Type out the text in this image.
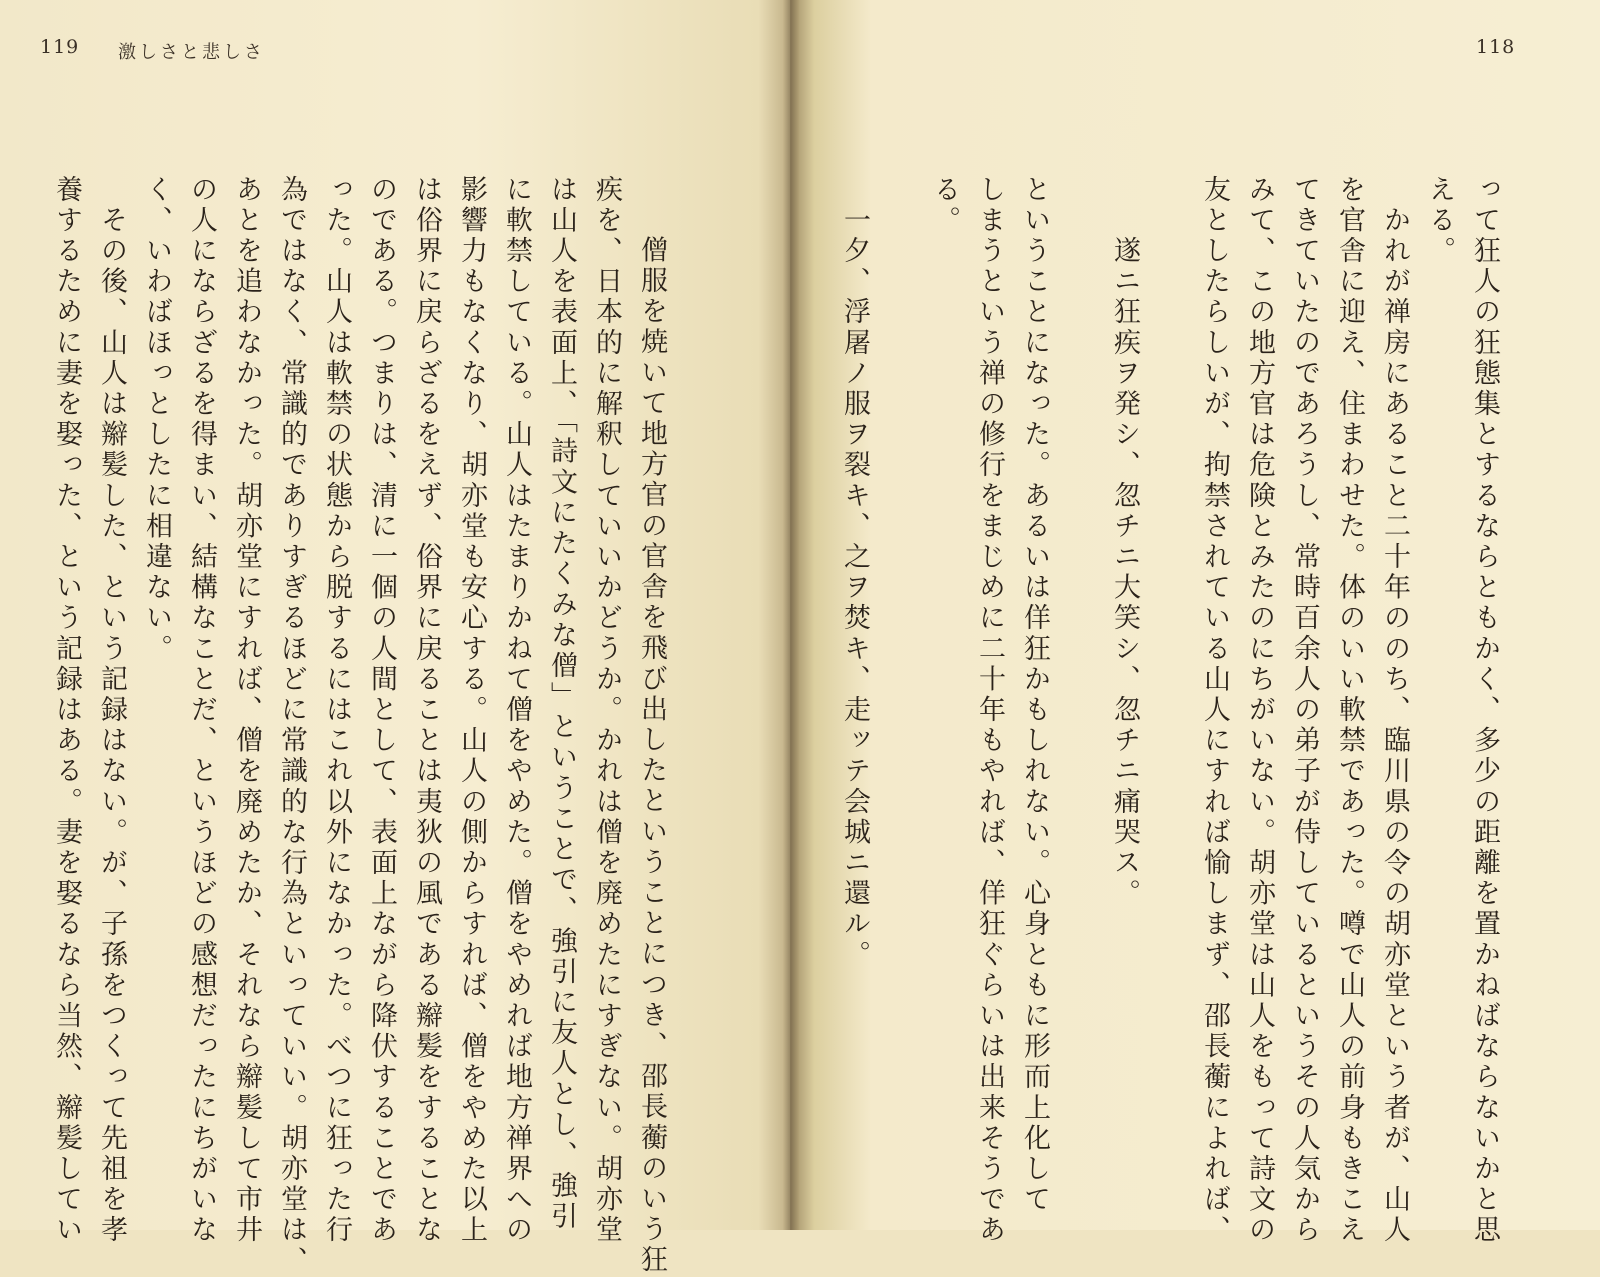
119 激しさと悲しさ
　僧服を焼いて地方官の官舎を飛び出したということにつき、邵長蘅のいう狂
疾を、日本的に解釈していいかどうか。かれは僧を廃めたにすぎない。胡亦堂
は山人を表面上、「詩文にたくみな僧」ということで、強引に友人とし、強引
に軟禁している。山人はたまりかねて僧をやめた。僧をやめれば地方禅界への
影響力もなくなり、胡亦堂も安心する。山人の側からすれば、僧をやめた以上
は俗界に戻らざるをえず、俗界に戻ることは夷狄の風である辮髪をすることな
のである。つまりは、清に一個の人間として、表面上ながら降伏することであ
った。山人は軟禁の状態から脱するにはこれ以外になかった。べつに狂った行
為ではなく、常識的でありすぎるほどに常識的な行為といっていい。胡亦堂は、
あとを追わなかった。胡亦堂にすれば、僧を廃めたか、それなら辮髪して市井
の人にならざるを得まい、結構なことだ、というほどの感想だったにちがいな
く、いわばほっとしたに相違ない。
　その後、山人は辮髪した、という記録はない。が、子孫をつくって先祖を孝
養するために妻を娶った、という記録はある。妻を娶るなら当然、辮髪してい
118
って狂人の狂態集とするならともかく、多少の距離を置かねばならないかと思
える。
　かれが禅房にあること二十年ののち、臨川県の令の胡亦堂という者が、山人
を官舎に迎え、住まわせた。体のいい軟禁であった。噂で山人の前身もきこえ
てきていたのであろうし、常時百余人の弟子が侍しているというその人気から
みて、この地方官は危険とみたのにちがいない。胡亦堂は山人をもって詩文の
友としたらしいが、拘禁されている山人にすれば愉しまず、邵長蘅によれば、
　　遂ニ狂疾ヲ発シ、忽チニ大笑シ、忽チニ痛哭ス。
ということになった。あるいは佯狂かもしれない。心身ともに形而上化して
しまうという禅の修行をまじめに二十年もやれば、佯狂ぐらいは出来そうであ
る。
　一夕、浮屠ノ服ヲ裂キ、之ヲ焚キ、走ッテ会城ニ還ル。
